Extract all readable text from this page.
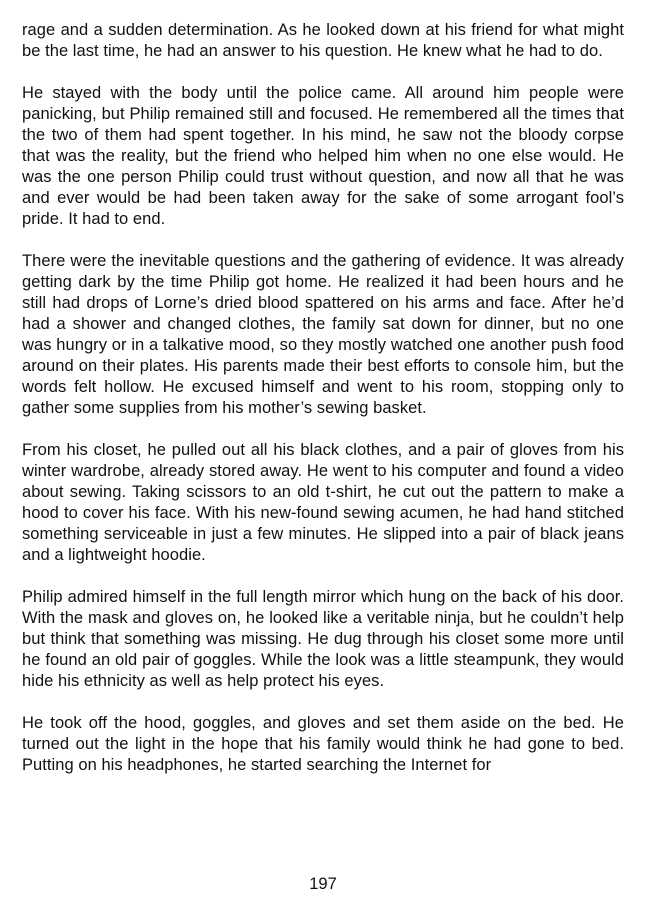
rage and a sudden determination. As he looked down at his friend for what might be the last time, he had an answer to his question. He knew what he had to do.

He stayed with the body until the police came. All around him people were panicking, but Philip remained still and focused. He remembered all the times that the two of them had spent together. In his mind, he saw not the bloody corpse that was the reality, but the friend who helped him when no one else would. He was the one person Philip could trust without question, and now all that he was and ever would be had been taken away for the sake of some arrogant fool’s pride. It had to end.

There were the inevitable questions and the gathering of evidence. It was already getting dark by the time Philip got home. He realized it had been hours and he still had drops of Lorne’s dried blood spattered on his arms and face. After he’d had a shower and changed clothes, the family sat down for dinner, but no one was hungry or in a talkative mood, so they mostly watched one another push food around on their plates. His parents made their best efforts to console him, but the words felt hollow. He excused himself and went to his room, stopping only to gather some supplies from his mother’s sewing basket.

From his closet, he pulled out all his black clothes, and a pair of gloves from his winter wardrobe, already stored away. He went to his computer and found a video about sewing. Taking scissors to an old t-shirt, he cut out the pattern to make a hood to cover his face. With his new-found sewing acumen, he had hand stitched something serviceable in just a few minutes. He slipped into a pair of black jeans and a lightweight hoodie.

Philip admired himself in the full length mirror which hung on the back of his door. With the mask and gloves on, he looked like a veritable ninja, but he couldn’t help but think that something was missing. He dug through his closet some more until he found an old pair of goggles. While the look was a little steampunk, they would hide his ethnicity as well as help protect his eyes.

He took off the hood, goggles, and gloves and set them aside on the bed. He turned out the light in the hope that his family would think he had gone to bed. Putting on his headphones, he started searching the Internet for

197
